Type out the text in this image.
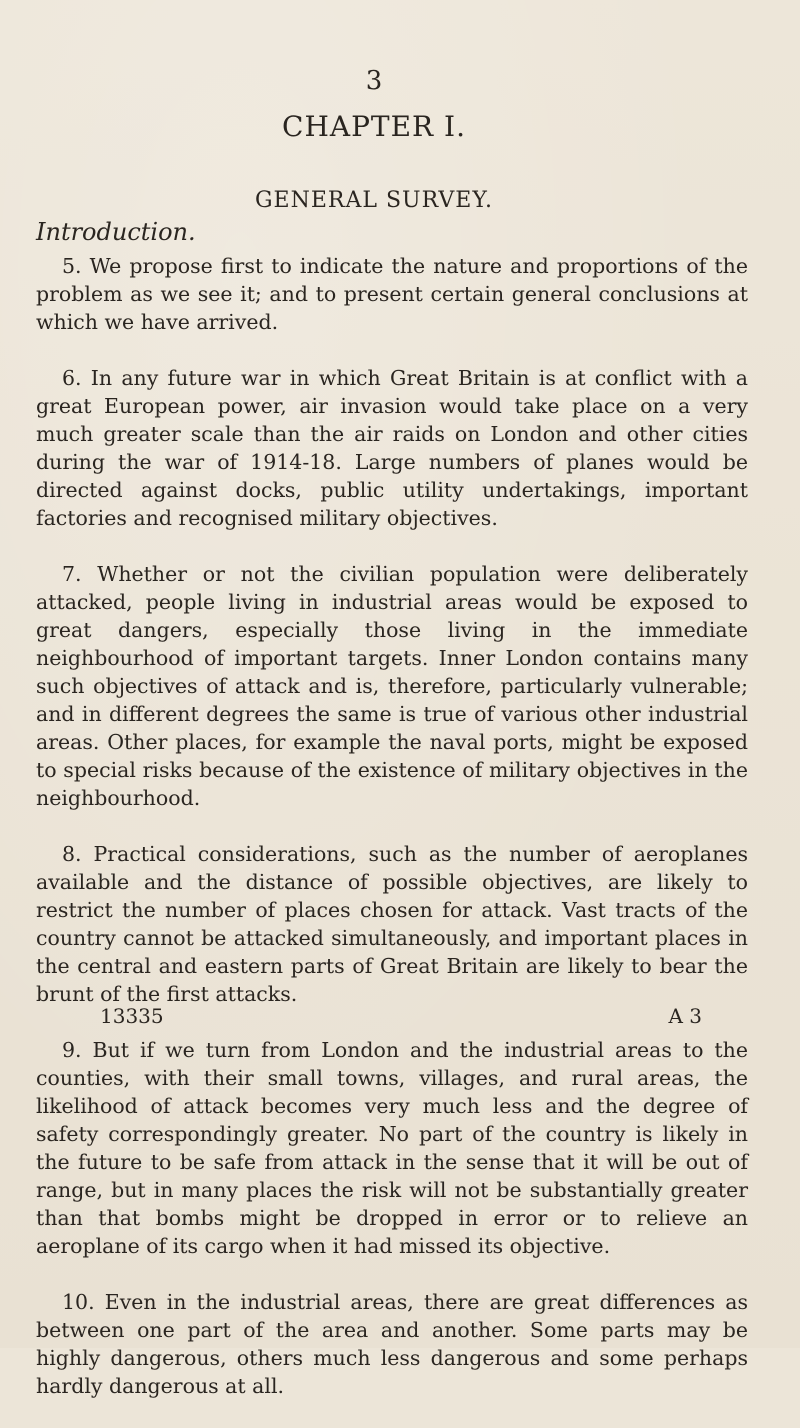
3
CHAPTER I.
GENERAL SURVEY.
Introduction.

5. We propose first to indicate the nature and proportions of the problem as we see it; and to present certain general conclusions at which we have arrived.

6. In any future war in which Great Britain is at conflict with a great European power, air invasion would take place on a very much greater scale than the air raids on London and other cities during the war of 1914-18. Large numbers of planes would be directed against docks, public utility undertakings, important factories and recognised military objectives.

7. Whether or not the civilian population were deliberately attacked, people living in industrial areas would be exposed to great dangers, especially those living in the immediate neighbourhood of important targets. Inner London contains many such objectives of attack and is, therefore, particularly vulnerable; and in different degrees the same is true of various other industrial areas. Other places, for example the naval ports, might be exposed to special risks because of the existence of military objectives in the neighbourhood.

8. Practical considerations, such as the number of aeroplanes available and the distance of possible objectives, are likely to restrict the number of places chosen for attack. Vast tracts of the country cannot be attacked simultaneously, and important places in the central and eastern parts of Great Britain are likely to bear the brunt of the first attacks.

9. But if we turn from London and the industrial areas to the counties, with their small towns, villages, and rural areas, the likelihood of attack becomes very much less and the degree of safety correspondingly greater. No part of the country is likely in the future to be safe from attack in the sense that it will be out of range, but in many places the risk will not be substantially greater than that bombs might be dropped in error or to relieve an aeroplane of its cargo when it had missed its objective.

10. Even in the industrial areas, there are great differences as between one part of the area and another. Some parts may be highly dangerous, others much less dangerous and some perhaps hardly dangerous at all.

13335	A 3
